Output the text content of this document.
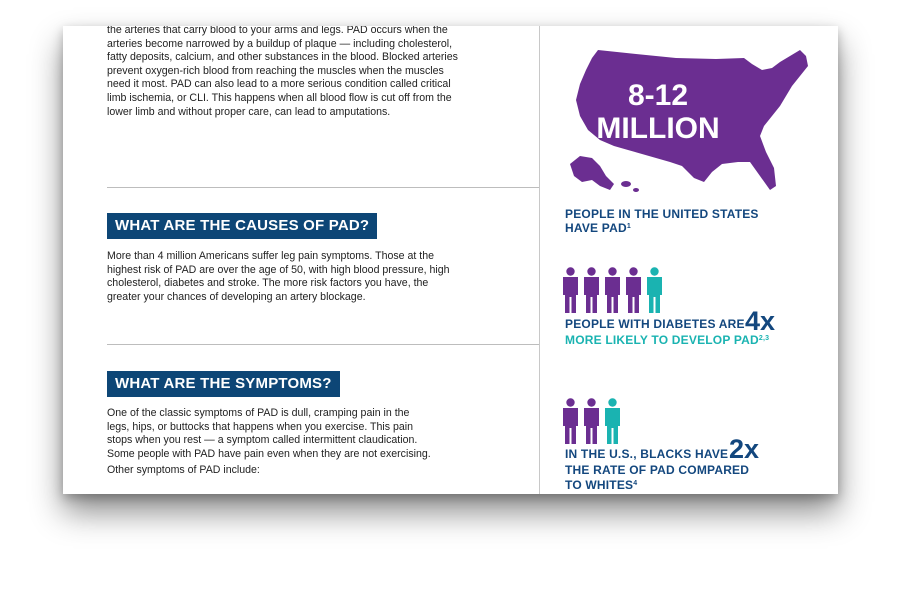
the arteries that carry blood to your arms and legs. PAD occurs when the
arteries become narrowed by a buildup of plaque — including cholesterol,
fatty deposits, calcium, and other substances in the blood. Blocked arteries
prevent oxygen-rich blood from reaching the muscles when the muscles
need it most. PAD can also lead to a more serious condition called critical
limb ischemia, or CLI. This happens when all blood flow is cut off from the
lower limb and without proper care, can lead to amputations.

WHAT ARE THE CAUSES OF PAD?

More than 4 million Americans suffer leg pain symptoms. Those at the
highest risk of PAD are over the age of 50, with high blood pressure, high
cholesterol, diabetes and stroke. The more risk factors you have, the
greater your chances of developing an artery blockage.

WHAT ARE THE SYMPTOMS?

One of the classic symptoms of PAD is dull, cramping pain in the
legs, hips, or buttocks that happens when you exercise. This pain
stops when you rest — a symptom called intermittent claudication.
Some people with PAD have pain even when they are not exercising.

Other symptoms of PAD include:

8-12
MILLION
PEOPLE IN THE UNITED STATES
HAVE PAD$^1$
PEOPLE WITH DIABETES ARE 4x
MORE LIKELY TO DEVELOP PAD$^{2,3}$
IN THE U.S., BLACKS HAVE 2x
THE RATE OF PAD COMPARED
TO WHITES$^4$
